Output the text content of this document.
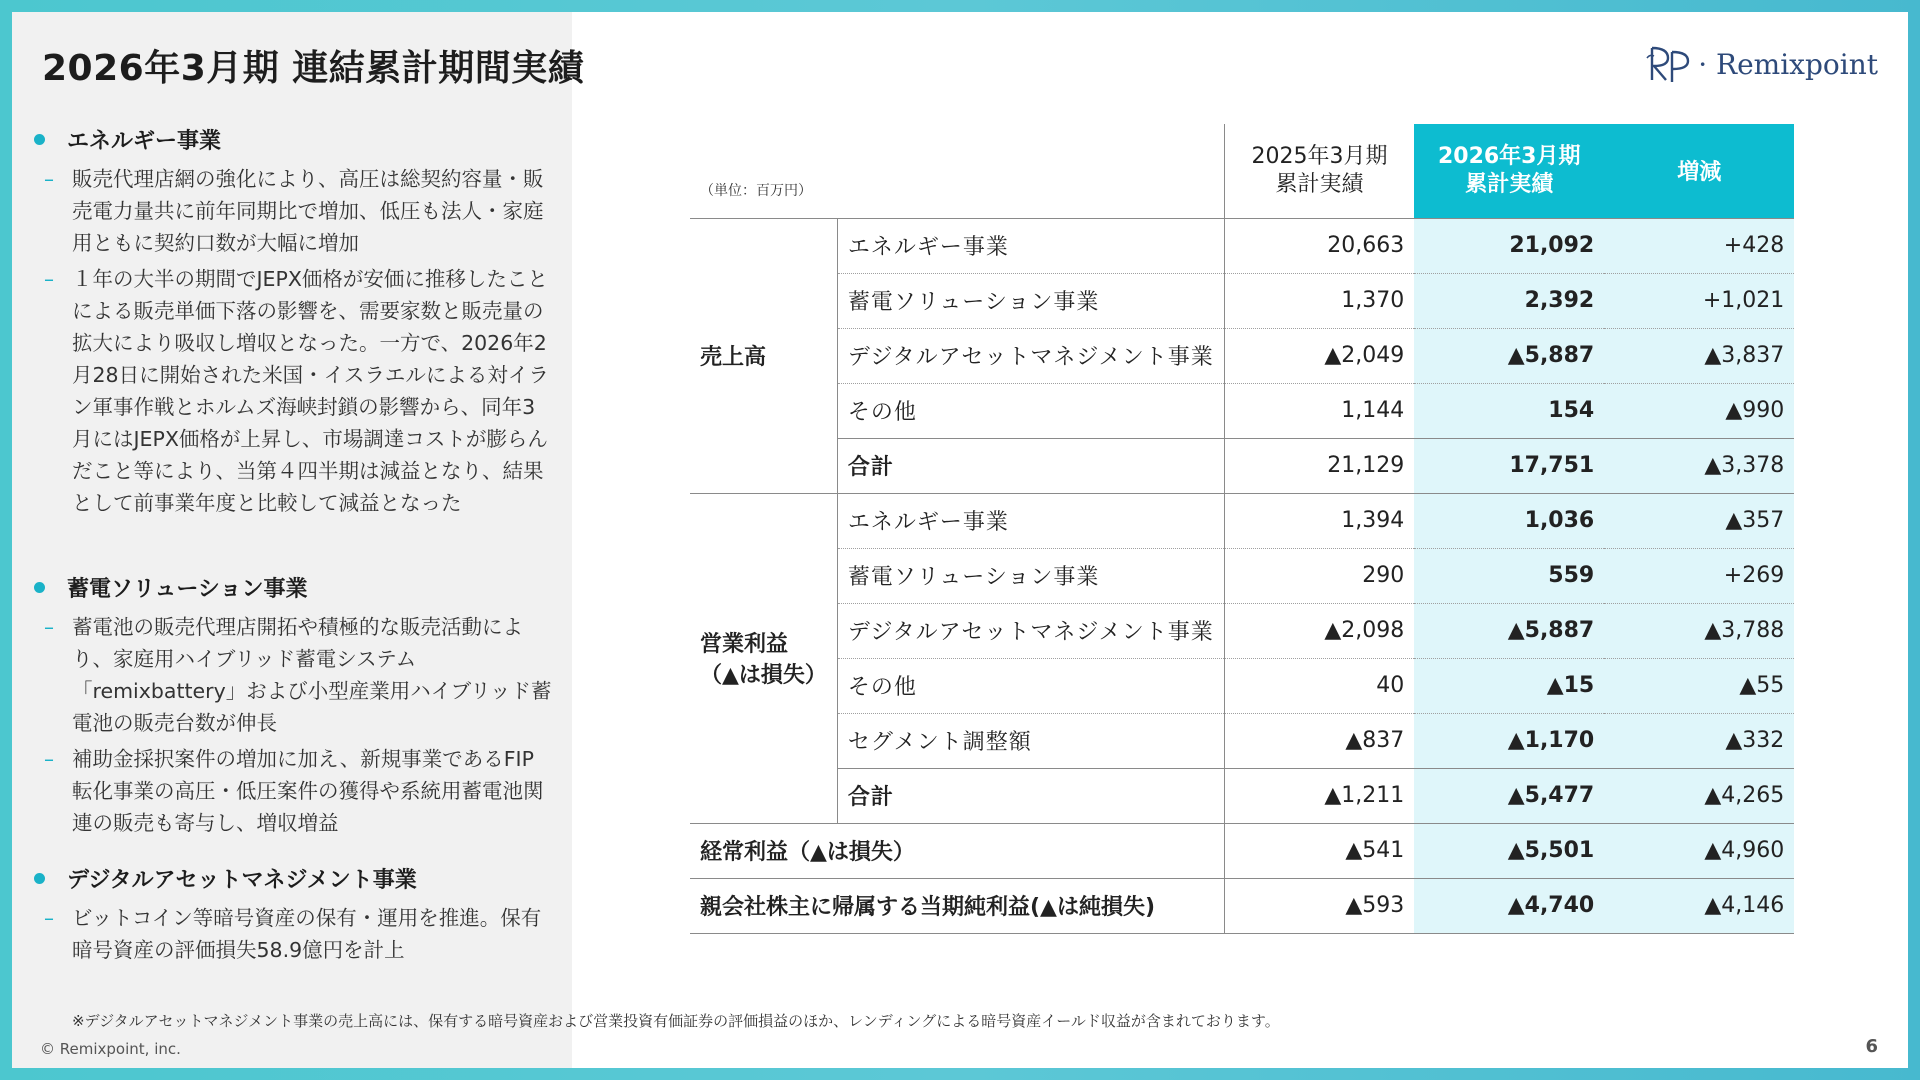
2026年3月期 連結累計期間実績
エネルギー事業
– 販売代理店網の強化により、高圧は総契約容量・販売電力量共に前年同期比で増加、低圧も法人・家庭用ともに契約口数が大幅に増加
– １年の大半の期間でJEPX価格が安価に推移したことによる販売単価下落の影響を、需要家数と販売量の拡大により吸収し増収となった。一方で、2026年2月28日に開始された米国・イスラエルによる対イラン軍事作戦とホルムズ海峡封鎖の影響から、同年3月にはJEPX価格が上昇し、市場調達コストが膨らんだこと等により、当第４四半期は減益となり、結果として前事業年度と比較して減益となった
蓄電ソリューション事業
– 蓄電池の販売代理店開拓や積極的な販売活動により、家庭用ハイブリッド蓄電システム「remixbattery」および小型産業用ハイブリッド蓄電池の販売台数が伸長
– 補助金採択案件の増加に加え、新規事業であるFIP転化事業の高圧・低圧案件の獲得や系統用蓄電池関連の販売も寄与し、増収増益
デジタルアセットマネジメント事業
– ビットコイン等暗号資産の保有・運用を推進。保有暗号資産の評価損失58.9億円を計上
· Remixpoint
（単位：百万円）		2025年3月期
累計実績	2026年3月期
累計実績	増減
売上高	エネルギー事業	20,663	21,092	+428
	蓄電ソリューション事業	1,370	2,392	+1,021
	デジタルアセットマネジメント事業	▲2,049	▲5,887	▲3,837
	その他	1,144	154	▲990
	合計	21,129	17,751	▲3,378
営業利益
（▲は損失）	エネルギー事業	1,394	1,036	▲357
	蓄電ソリューション事業	290	559	+269
	デジタルアセットマネジメント事業	▲2,098	▲5,887	▲3,788
	その他	40	▲15	▲55
	セグメント調整額	▲837	▲1,170	▲332
	合計	▲1,211	▲5,477	▲4,265
経常利益（▲は損失）		▲541	▲5,501	▲4,960
親会社株主に帰属する当期純利益(▲は純損失)		▲593	▲4,740	▲4,146
※デジタルアセットマネジメント事業の売上高には、保有する暗号資産および営業投資有価証券の評価損益のほか、レンディングによる暗号資産イールド収益が含まれております。
© Remixpoint, inc.	6
